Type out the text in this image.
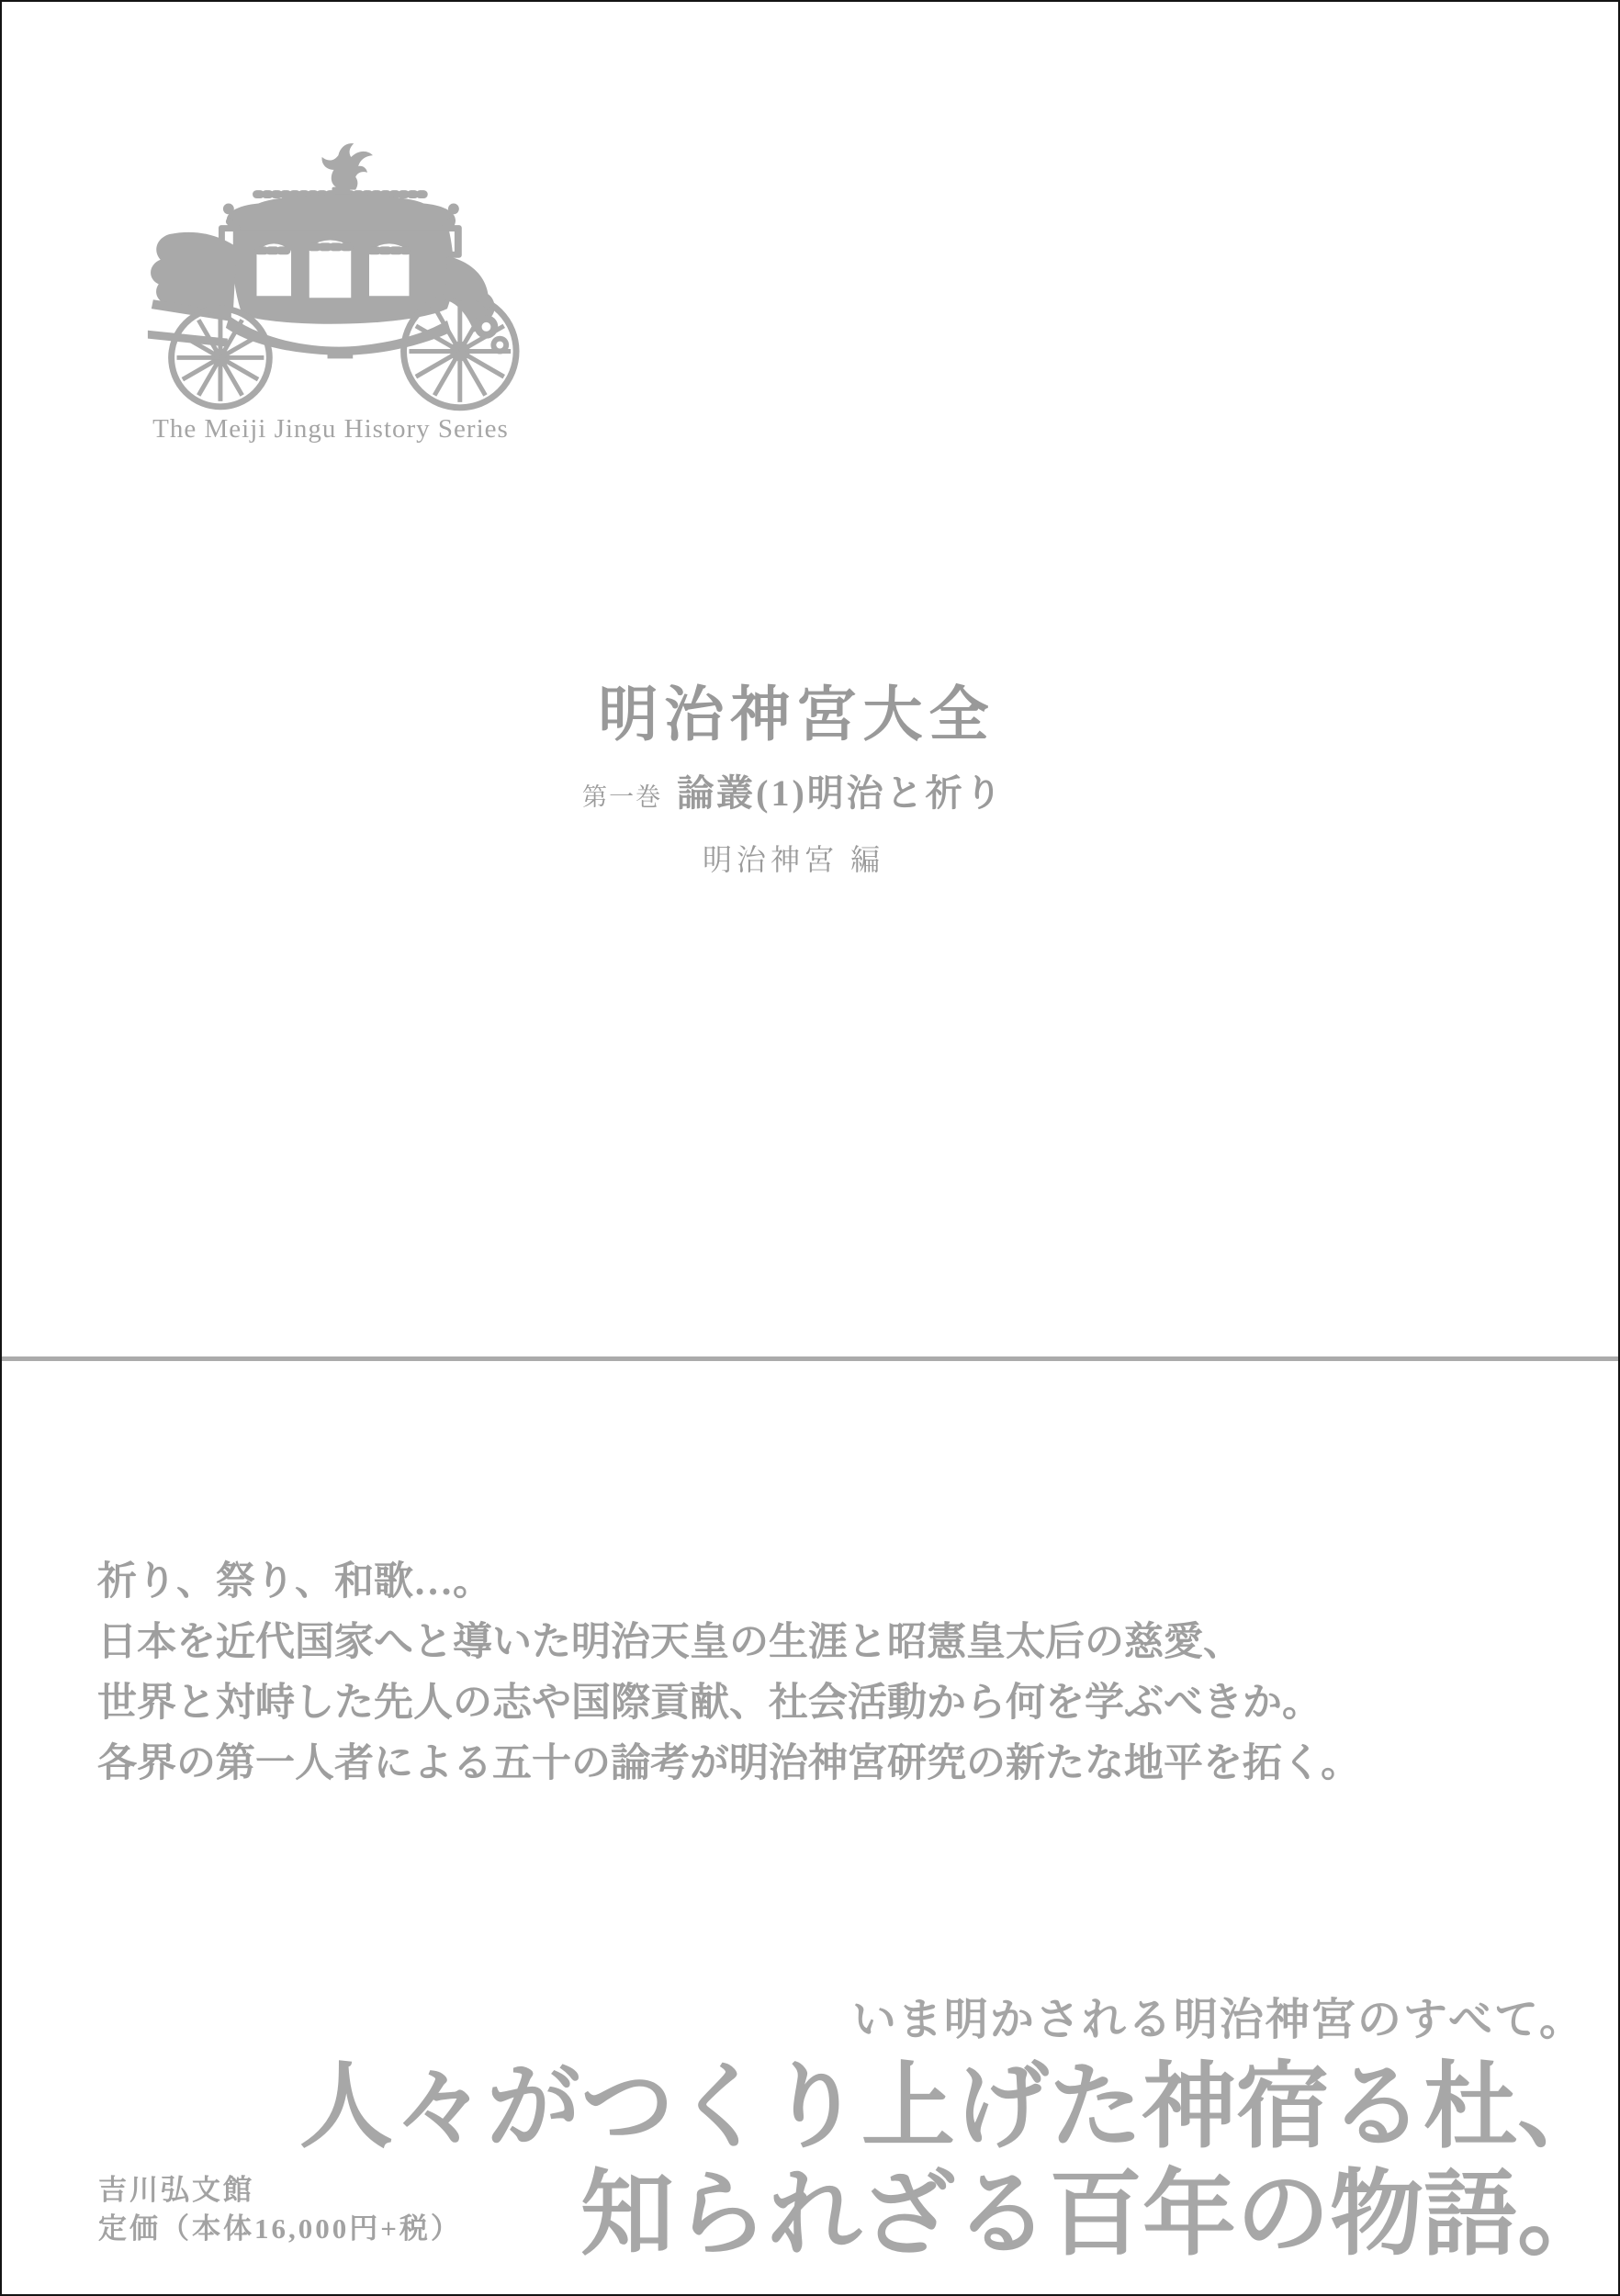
The Meiji Jingu History Series
明治神宮大全
第一巻 論叢(1)明治と祈り
明治神宮 編
祈り、祭り、和歌…。
日本を近代国家へと導いた明治天皇の生涯と昭憲皇太后の慈愛、
世界と対峙した先人の志や国際貢献、社会活動から何を学ぶべきか。
各界の第一人者による五十の論考が明治神宮研究の新たな地平を拓く。
いま明かされる明治神宮のすべて。
人々がつくり上げた神宿る杜、
知られざる百年の物語。
吉川弘文館
定価（本体16,000円+税）
